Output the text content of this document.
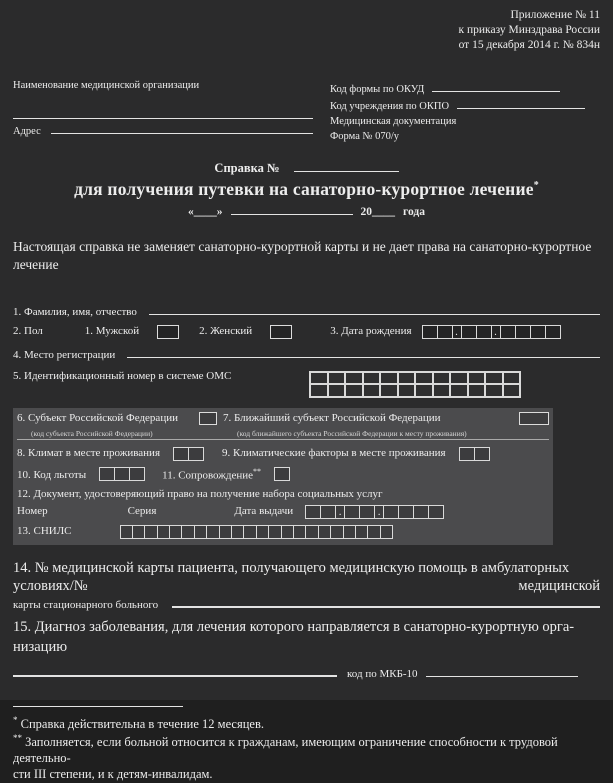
Приложение № 11
к приказу Минздрава России
от 15 декабря 2014 г. № 834н
Наименование медицинской организации
Адрес
Код формы по ОКУД
Код учреждения по ОКПО
Медицинская документация
Форма № 070/у
Справка №
для получения путевки на санаторно-курортное лечение*
«____»	20____ года
Настоящая справка не заменяет санаторно-курортной карты и не дает права на санаторно-курортное
лечение
1. Фамилия, имя, отчество
2. Пол	1. Мужской	2. Женский	3. Дата рождения	.	.
4. Место регистрации
5. Идентификационный номер в системе ОМС
6. Субъект Российской Федерации
(код субъекта Российской Федерации)
7. Ближайший субъект Российской Федерации
(код ближайшего субъекта Российской Федерации к месту проживания)
8. Климат в месте проживания	9. Климатические факторы в месте проживания
10. Код льготы	11. Сопровождение**
12. Документ, удостоверяющий право на получение набора социальных услуг
Номер	Серия	Дата выдачи	.	.
13. СНИЛС
14. № медицинской карты пациента, получающего медицинскую помощь в амбулаторных
условиях/№	медицинской
карты стационарного больного
15. Диагноз заболевания, для лечения которого направляется в санаторно-курортную орга-
низацию
код по МКБ-10
* Справка действительна в течение 12 месяцев.
** Заполняется, если больной относится к гражданам, имеющим ограничение способности к трудовой деятельно-
сти III степени, и к детям-инвалидам.
